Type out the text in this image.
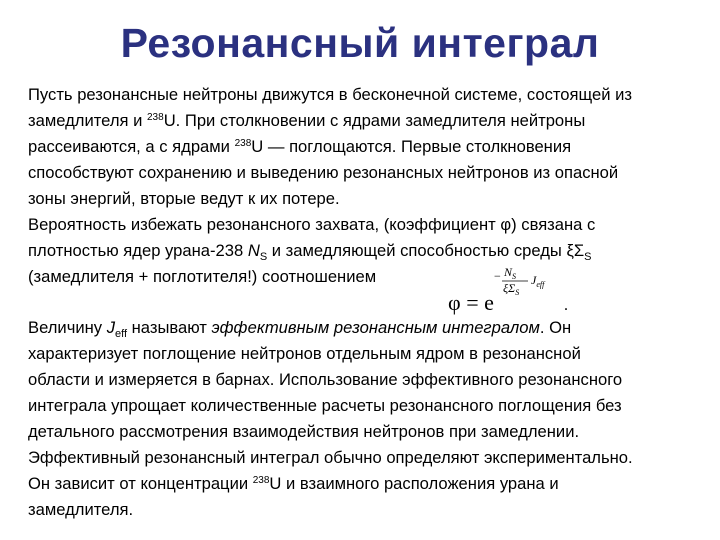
Резонансный интеграл
Пусть резонансные нейтроны движутся в бесконечной системе, состоящей из
замедлителя и $^{238}$U. При столкновении с ядрами замедлителя нейтроны
рассеиваются, а с ядрами $^{238}$U — поглощаются. Первые столкновения
способствуют сохранению и выведению резонансных нейтронов из опасной
зоны энергий, вторые ведут к их потере.
Вероятность избежать резонансного захвата, (коэффициент φ) связана с
плотностью ядер урана-238 $N_S$ и замедляющей способностью среды $\xi\Sigma_S$
(замедлителя + поглотителя!) соотношением
φ = e
− $N_S$
$\xi\Sigma_S$
$J_{eff}$
.
Величину $J_{eff}$ называют эффективным резонансным интегралом. Он
характеризует поглощение нейтронов отдельным ядром в резонансной
области и измеряется в барнах. Использование эффективного резонансного
интеграла упрощает количественные расчеты резонансного поглощения без
детального рассмотрения взаимодействия нейтронов при замедлении.
Эффективный резонансный интеграл обычно определяют экспериментально.
Он зависит от концентрации $^{238}$U и взаимного расположения урана и
замедлителя.
